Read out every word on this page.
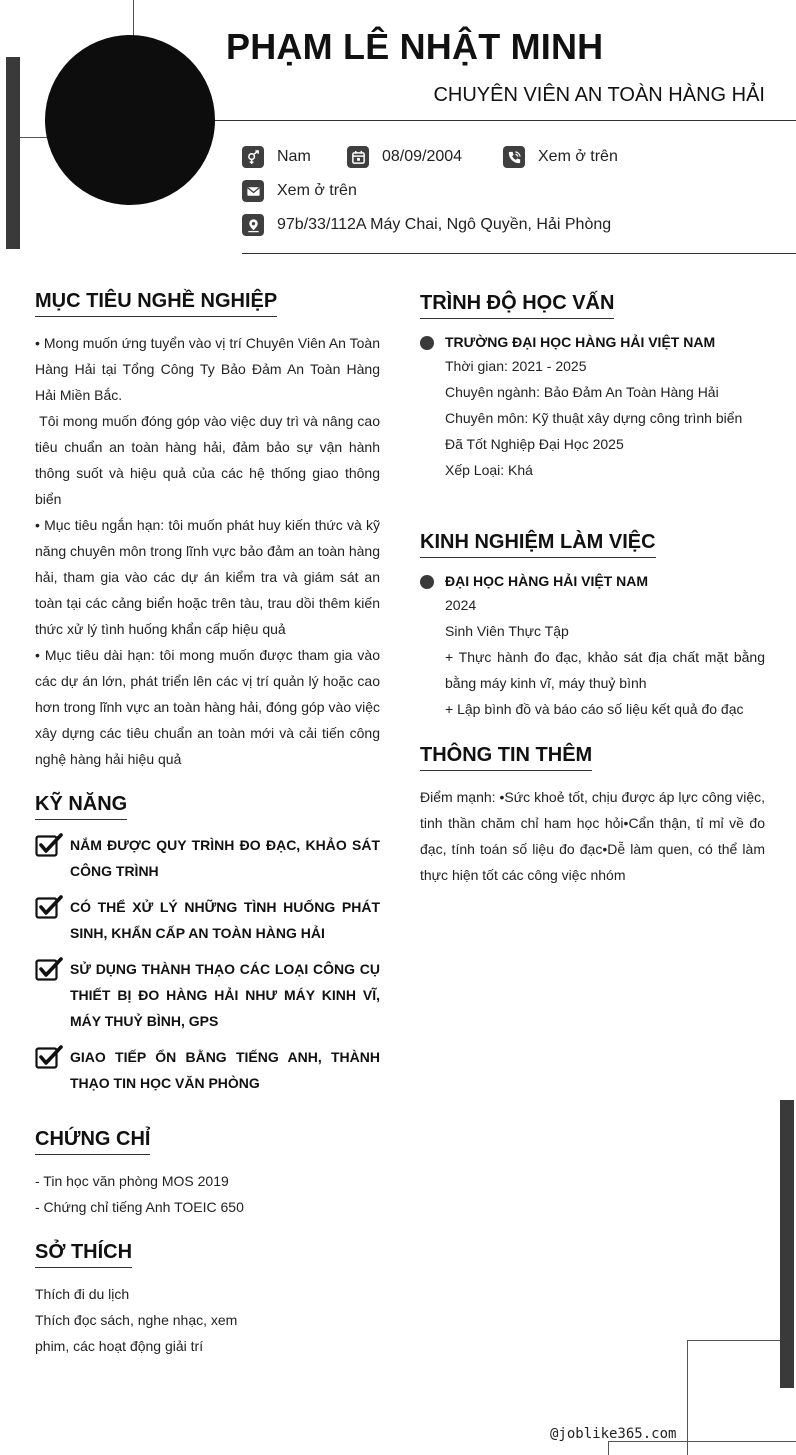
PHẠM LÊ NHẬT MINH
CHUYÊN VIÊN AN TOÀN HÀNG HẢI
Nam	08/09/2004	Xem ở trên
Xem ở trên
97b/33/112A Máy Chai, Ngô Quyền, Hải Phòng
MỤC TIÊU NGHỀ NGHIỆP

• Mong muốn ứng tuyển vào vị trí Chuyên Viên An Toàn Hàng Hải tại Tổng Công Ty Bảo Đảm An Toàn Hàng Hải Miền Bắc.

Tôi mong muốn đóng góp vào việc duy trì và nâng cao tiêu chuẩn an toàn hàng hải, đảm bảo sự vận hành thông suốt và hiệu quả của các hệ thống giao thông biển

• Mục tiêu ngắn hạn: tôi muốn phát huy kiến thức và kỹ năng chuyên môn trong lĩnh vực bảo đảm an toàn hàng hải, tham gia vào các dự án kiểm tra và giám sát an toàn tại các cảng biển hoặc trên tàu, trau dồi thêm kiến thức xử lý tình huống khẩn cấp hiệu quả

• Mục tiêu dài hạn: tôi mong muốn được tham gia vào các dự án lớn, phát triển lên các vị trí quản lý hoặc cao hơn trong lĩnh vực an toàn hàng hải, đóng góp vào việc xây dựng các tiêu chuẩn an toàn mới và cải tiến công nghệ hàng hải hiệu quả

KỸ NĂNG
NẮM ĐƯỢC QUY TRÌNH ĐO ĐẠC, KHẢO SÁT CÔNG TRÌNH
CÓ THỂ XỬ LÝ NHỮNG TÌNH HUỐNG PHÁT SINH, KHẨN CẤP AN TOÀN HÀNG HẢI
SỬ DỤNG THÀNH THẠO CÁC LOẠI CÔNG CỤ THIẾT BỊ ĐO HÀNG HẢI NHƯ MÁY KINH VĨ, MÁY THUỶ BÌNH, GPS
GIAO TIẾP ỔN BẰNG TIẾNG ANH, THÀNH THẠO TIN HỌC VĂN PHÒNG
CHỨNG CHỈ
- Tin học văn phòng MOS 2019
- Chứng chỉ tiếng Anh TOEIC 650
SỞ THÍCH
Thích đi du lịch
Thích đọc sách, nghe nhạc, xem
phim, các hoạt động giải trí
TRÌNH ĐỘ HỌC VẤN
TRƯỜNG ĐẠI HỌC HÀNG HẢI VIỆT NAM
Thời gian: 2021 - 2025
Chuyên ngành: Bảo Đảm An Toàn Hàng Hải
Chuyên môn: Kỹ thuật xây dựng công trình biển
Đã Tốt Nghiệp Đại Học 2025
Xếp Loại: Khá
KINH NGHIỆM LÀM VIỆC
ĐẠI HỌC HÀNG HẢI VIỆT NAM
2024
Sinh Viên Thực Tập
+ Thực hành đo đạc, khảo sát địa chất mặt bằng bằng máy kinh vĩ, máy thuỷ bình
+ Lập bình đồ và báo cáo số liệu kết quả đo đạc
THÔNG TIN THÊM
Điểm mạnh: •Sức khoẻ tốt, chịu được áp lực công việc, tinh thần chăm chỉ ham học hỏi•Cẩn thận, tỉ mỉ về đo đạc, tính toán số liệu đo đạc•Dễ làm quen, có thể làm thực hiện tốt các công việc nhóm
@joblike365.com
